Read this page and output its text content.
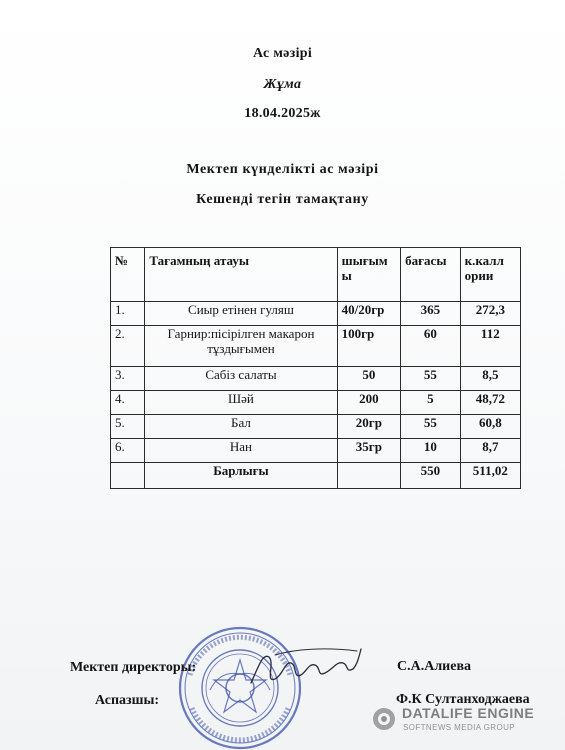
Ас мәзірі
Жұма
18.04.2025ж
Мектеп күнделікті ас мәзірі
Кешенді тегін тамақтану
№	Тағамның атауы	шығым ы	бағасы	к.калл ории
1.	Сиыр етінен гуляш	40/20гр	365	272,3
2.	Гарнир:пісірілген макарон тұздығымен	100гр	60	112
3.	Сабіз салаты	50	55	8,5
4.	Шәй	200	5	48,72
5.	Бал	20гр	55	60,8
6.	Нан	35гр	10	8,7
	Барлығы		550	511,02
Мектеп директоры:
Аспазшы:
С.А.Алиева
Ф.К Султанходжаева
DATALIFE ENGINE
SOFTNEWS MEDIA GROUP
